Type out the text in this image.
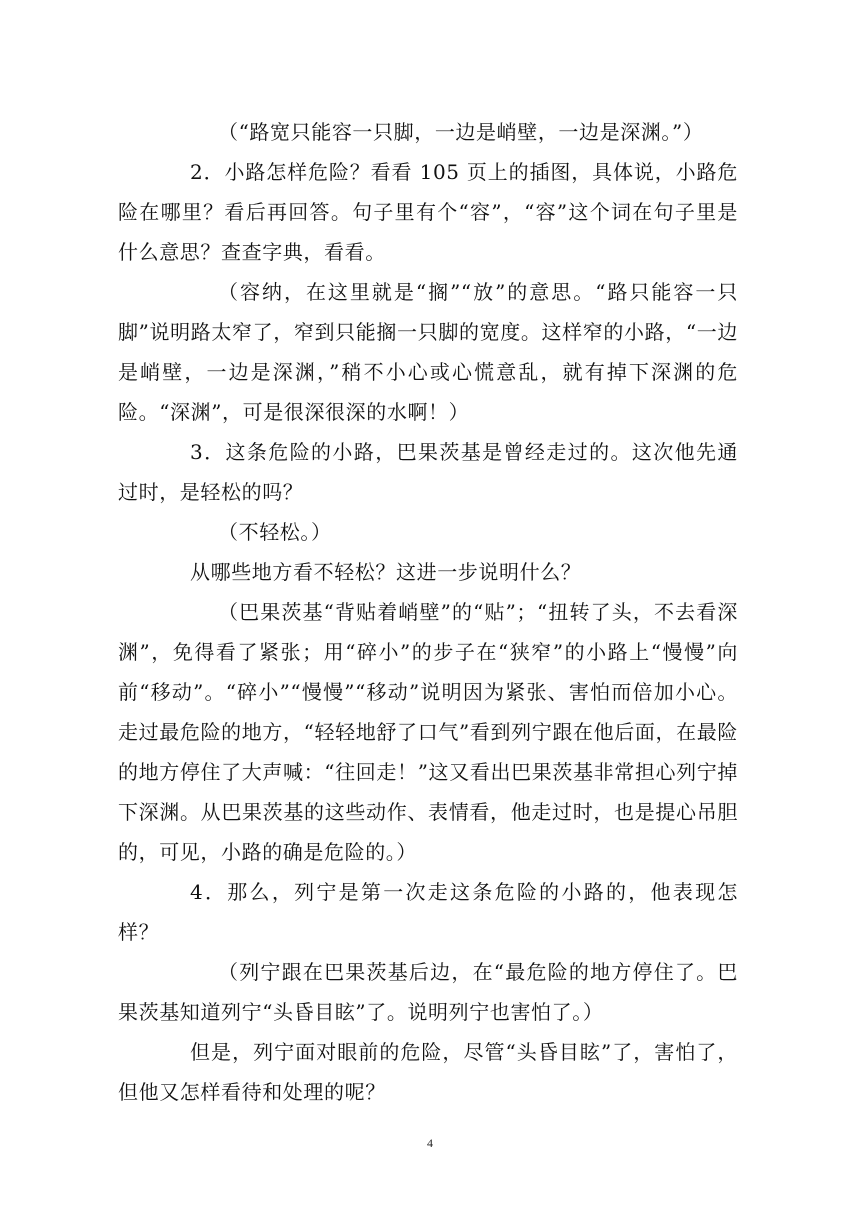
（“路宽只能容一只脚，一边是峭壁，一边是深渊。”）

2．小路怎样危险？看看 105 页上的插图，具体说，小路危险在哪里？看后再回答。句子里有个“容”，“容”这个词在句子里是什么意思？查查字典，看看。

（容纳，在这里就是“搁”“放”的意思。“路只能容一只脚”说明路太窄了，窄到只能搁一只脚的宽度。这样窄的小路，“一边是峭壁，一边是深渊，”稍不小心或心慌意乱，就有掉下深渊的危险。“深渊”，可是很深很深的水啊！）

3．这条危险的小路，巴果茨基是曾经走过的。这次他先通过时，是轻松的吗？

（不轻松。）

从哪些地方看不轻松？这进一步说明什么？

（巴果茨基“背贴着峭壁”的“贴”；“扭转了头，不去看深渊”，免得看了紧张；用“碎小”的步子在“狭窄”的小路上“慢慢”向前“移动”。“碎小”“慢慢”“移动”说明因为紧张、害怕而倍加小心。走过最危险的地方，“轻轻地舒了口气”看到列宁跟在他后面，在最险的地方停住了大声喊：“往回走！”这又看出巴果茨基非常担心列宁掉下深渊。从巴果茨基的这些动作、表情看，他走过时，也是提心吊胆的，可见，小路的确是危险的。）

4．那么，列宁是第一次走这条危险的小路的，他表现怎样？

（列宁跟在巴果茨基后边，在“最危险的地方停住了。巴果茨基知道列宁“头昏目眩”了。说明列宁也害怕了。）

但是，列宁面对眼前的危险，尽管“头昏目眩”了，害怕了，但他又怎样看待和处理的呢？

4
